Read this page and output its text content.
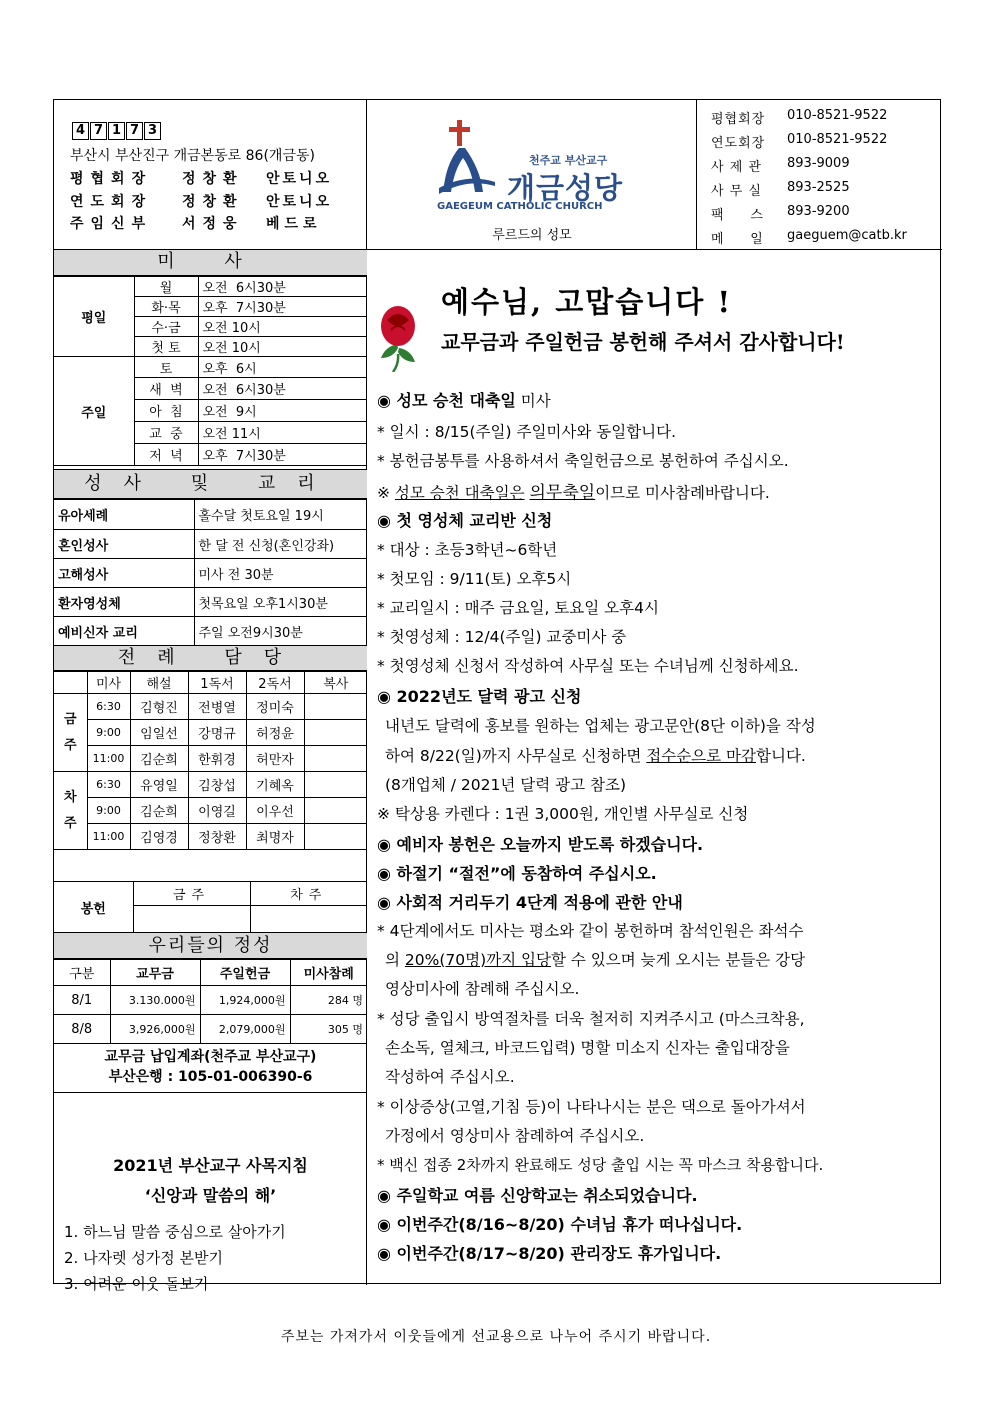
4 7 1 7 3
부산시 부산진구 개금본동로 86(개금동)
평협회장 정창환 안토니오
연도회장 정창환 안토니오
주임신부 서정웅 베드로
천주교 부산교구
개금성당
GAEGEUM CATHOLIC CHURCH
루르드의 성모
평협회장	010-8521-9522
연도회장	010-8521-9522
사 제 관	893-9009
사 무 실	893-2525
팩     스	893-9200
메     일	gaeguem@catb.kr
미 사
평일	월	오전  6시30분
	화·목	오후  7시30분
	수·금	오전 10시
	첫 토	오전 10시
주일	토	오후  6시
	새  벽	오전  6시30분
	아  침	오전  9시
	교  중	오전 11시
	저  녁	오후  7시30분
성사 및 교리
유아세례	홀수달 첫토요일 19시
혼인성사	한 달 전 신청(혼인강좌)
고해성사	미사 전 30분
환자영성체	첫목요일 오후1시30분
예비신자 교리	주일 오전9시30분
전례 담당
	미사	해설	1독서	2독서	복사
금 주	6:30	김형진	전병열	정미숙	
	9:00	임일선	강명규	허정윤	
	11:00	김순희	한휘경	허만자	
차 주	6:30	유영일	김창섭	기혜옥	
	9:00	김순희	이영길	이우선	
	11:00	김영경	정창환	최명자	
봉헌	금주	차주

우리들의 정성
구분	교무금	주일헌금	미사참례
8/1	3.130.000원	1,924,000원	284 명
8/8	3,926,000원	2,079,000원	305 명
교무금 납입계좌(천주교 부산교구)
부산은행 : 105-01-006390-6
2021년 부산교구 사목지침
‘신앙과 말씀의 해’
1. 하느님 말씀 중심으로 살아가기
2. 나자렛 성가정 본받기
3. 어려운 이웃 돌보기
예수님, 고맙습니다 !
교무금과 주일헌금 봉헌해 주셔서 감사합니다!
◉ 성모 승천 대축일 미사
* 일시 : 8/15(주일) 주일미사와 동일합니다.
* 봉헌금봉투를 사용하셔서 축일헌금으로 봉헌하여 주십시오.
※ 성모 승천 대축일은 의무축일이므로 미사참례바랍니다.
◉ 첫 영성체 교리반 신청
* 대상 : 초등3학년~6학년
* 첫모임 : 9/11(토) 오후5시
* 교리일시 : 매주 금요일, 토요일 오후4시
* 첫영성체 : 12/4(주일) 교중미사 중
* 첫영성체 신청서 작성하여 사무실 또는 수녀님께 신청하세요.
◉ 2022년도 달력 광고 신청
내년도 달력에 홍보를 원하는 업체는 광고문안(8단 이하)을 작성
하여 8/22(일)까지 사무실로 신청하면 접수순으로 마감합니다.
(8개업체 / 2021년 달력 광고 참조)
※ 탁상용 카렌다 : 1권 3,000원, 개인별 사무실로 신청
◉ 예비자 봉헌은 오늘까지 받도록 하겠습니다.
◉ 하절기 “절전”에 동참하여 주십시오.
◉ 사회적 거리두기 4단계 적용에 관한 안내
* 4단계에서도 미사는 평소와 같이 봉헌하며 참석인원은 좌석수
의 20%(70명)까지 입당할 수 있으며 늦게 오시는 분들은 강당
영상미사에 참례해 주십시오.
* 성당 출입시 방역절차를 더욱 철저히 지켜주시고 (마스크착용,
손소독, 열체크, 바코드입력) 명할 미소지 신자는 출입대장을
작성하여 주십시오.
* 이상증상(고열,기침 등)이 나타나시는 분은 댁으로 돌아가셔서
가정에서 영상미사 참례하여 주십시오.
* 백신 접종 2차까지 완료해도 성당 출입 시는 꼭 마스크 착용합니다.
◉ 주일학교 여름 신앙학교는 취소되었습니다.
◉ 이번주간(8/16~8/20) 수녀님 휴가 떠나십니다.
◉ 이번주간(8/17~8/20) 관리장도 휴가입니다.
주보는 가져가서 이웃들에게 선교용으로 나누어 주시기 바랍니다.
